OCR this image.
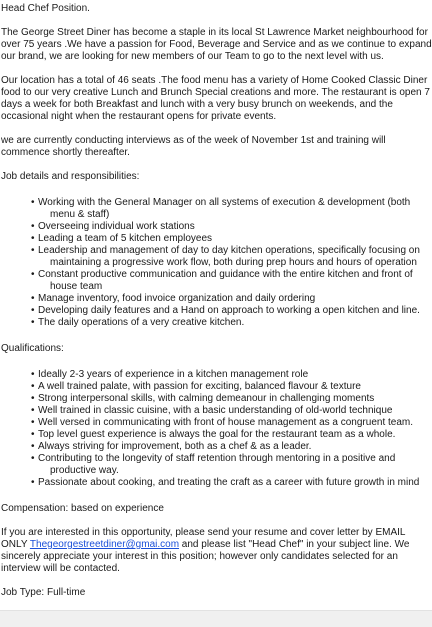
Head Chef Position.
The George Street Diner has become a staple in its local St Lawrence Market neighbourhood for over 75 years .We have a passion for Food, Beverage and Service and as we continue to expand our brand, we are looking for new members of our Team to go to the next level with us.
Our location has a total of 46 seats .The food menu has a variety of Home Cooked Classic Diner food to our very creative Lunch and Brunch Special creations and more. The restaurant is open 7 days a week for both Breakfast and lunch with a very busy brunch on weekends, and the occasional night when the restaurant opens for private events.
we are currently conducting interviews as of the week of November 1st and training will commence shortly thereafter.
Job details and responsibilities:
• Working with the General Manager on all systems of execution & development (both
menu & staff)
• Overseeing individual work stations
• Leading a team of 5 kitchen employees
• Leadership and management of day to day kitchen operations, specifically focusing on
maintaining a progressive work flow, both during prep hours and hours of operation
• Constant productive communication and guidance with the entire kitchen and front of
house team
• Manage inventory, food invoice organization and daily ordering
• Developing daily features and a Hand on approach to working a open kitchen and line.
• The daily operations of a very creative kitchen.
Qualifications:
• Ideally 2-3 years of experience in a kitchen management role
• A well trained palate, with passion for exciting, balanced flavour & texture
• Strong interpersonal skills, with calming demeanour in challenging moments
• Well trained in classic cuisine, with a basic understanding of old-world technique
• Well versed in communicating with front of house management as a congruent team.
• Top level guest experience is always the goal for the restaurant team as a whole.
• Always striving for improvement, both as a chef & as a leader.
• Contributing to the longevity of staff retention through mentoring in a positive and
productive way.
• Passionate about cooking, and treating the craft as a career with future growth in mind
Compensation: based on experience
If you are interested in this opportunity, please send your resume and cover letter by EMAIL ONLY Thegeorgestreetdiner@gmai.com and please list "Head Chef" in your subject line. We sincerely appreciate your interest in this position; however only candidates selected for an interview will be contacted.
Job Type: Full-time
